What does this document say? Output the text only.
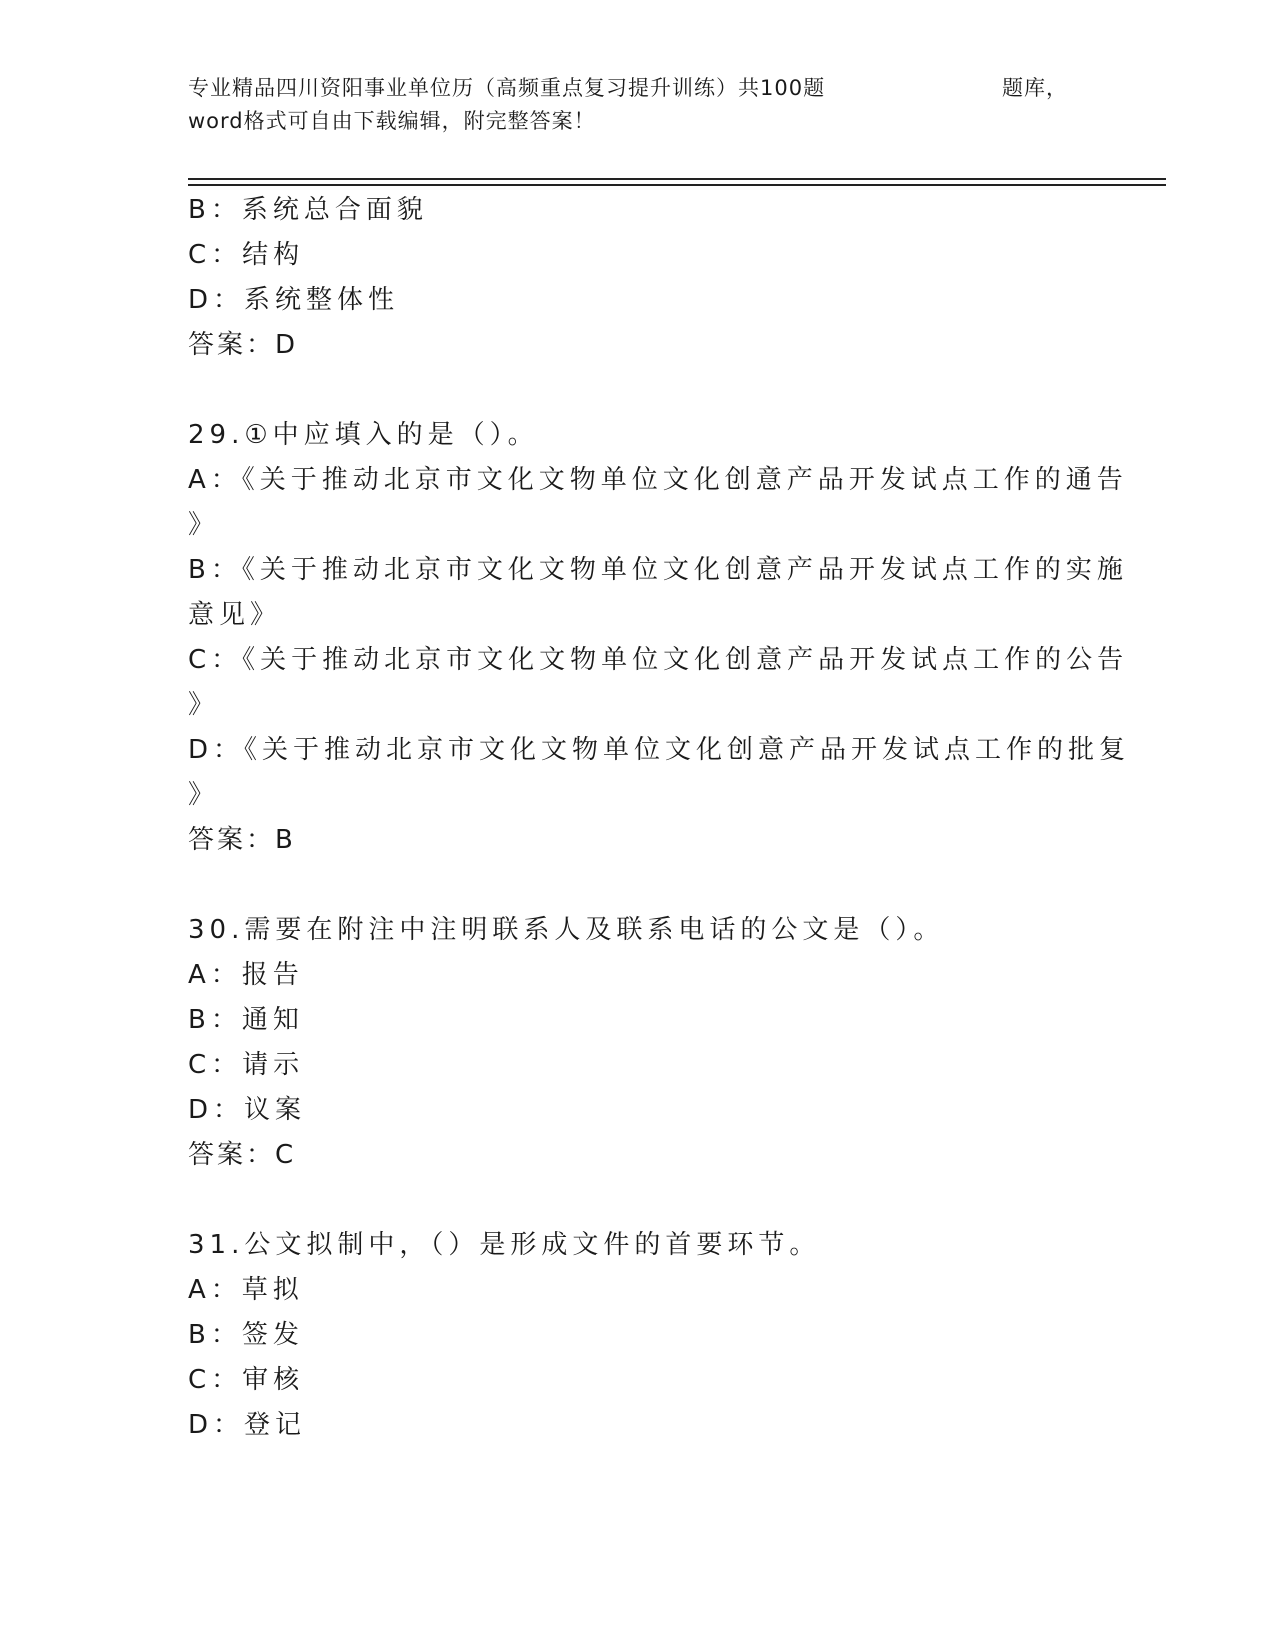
专业精品四川资阳事业单位历（高频重点复习提升训练）共100题	题库，
word格式可自由下载编辑，附完整答案！
B：系统总合面貌
C：结构
D：系统整体性
答案：D
29.①中应填入的是（）。
A：《关于推动北京市文化文物单位文化创意产品开发试点工作的通告
》
B：《关于推动北京市文化文物单位文化创意产品开发试点工作的实施
意见》
C：《关于推动北京市文化文物单位文化创意产品开发试点工作的公告
》
D：《关于推动北京市文化文物单位文化创意产品开发试点工作的批复
》
答案：B
30.需要在附注中注明联系人及联系电话的公文是（）。
A：报告
B：通知
C：请示
D：议案
答案：C
31.公文拟制中，（）是形成文件的首要环节。
A：草拟
B：签发
C：审核
D：登记
